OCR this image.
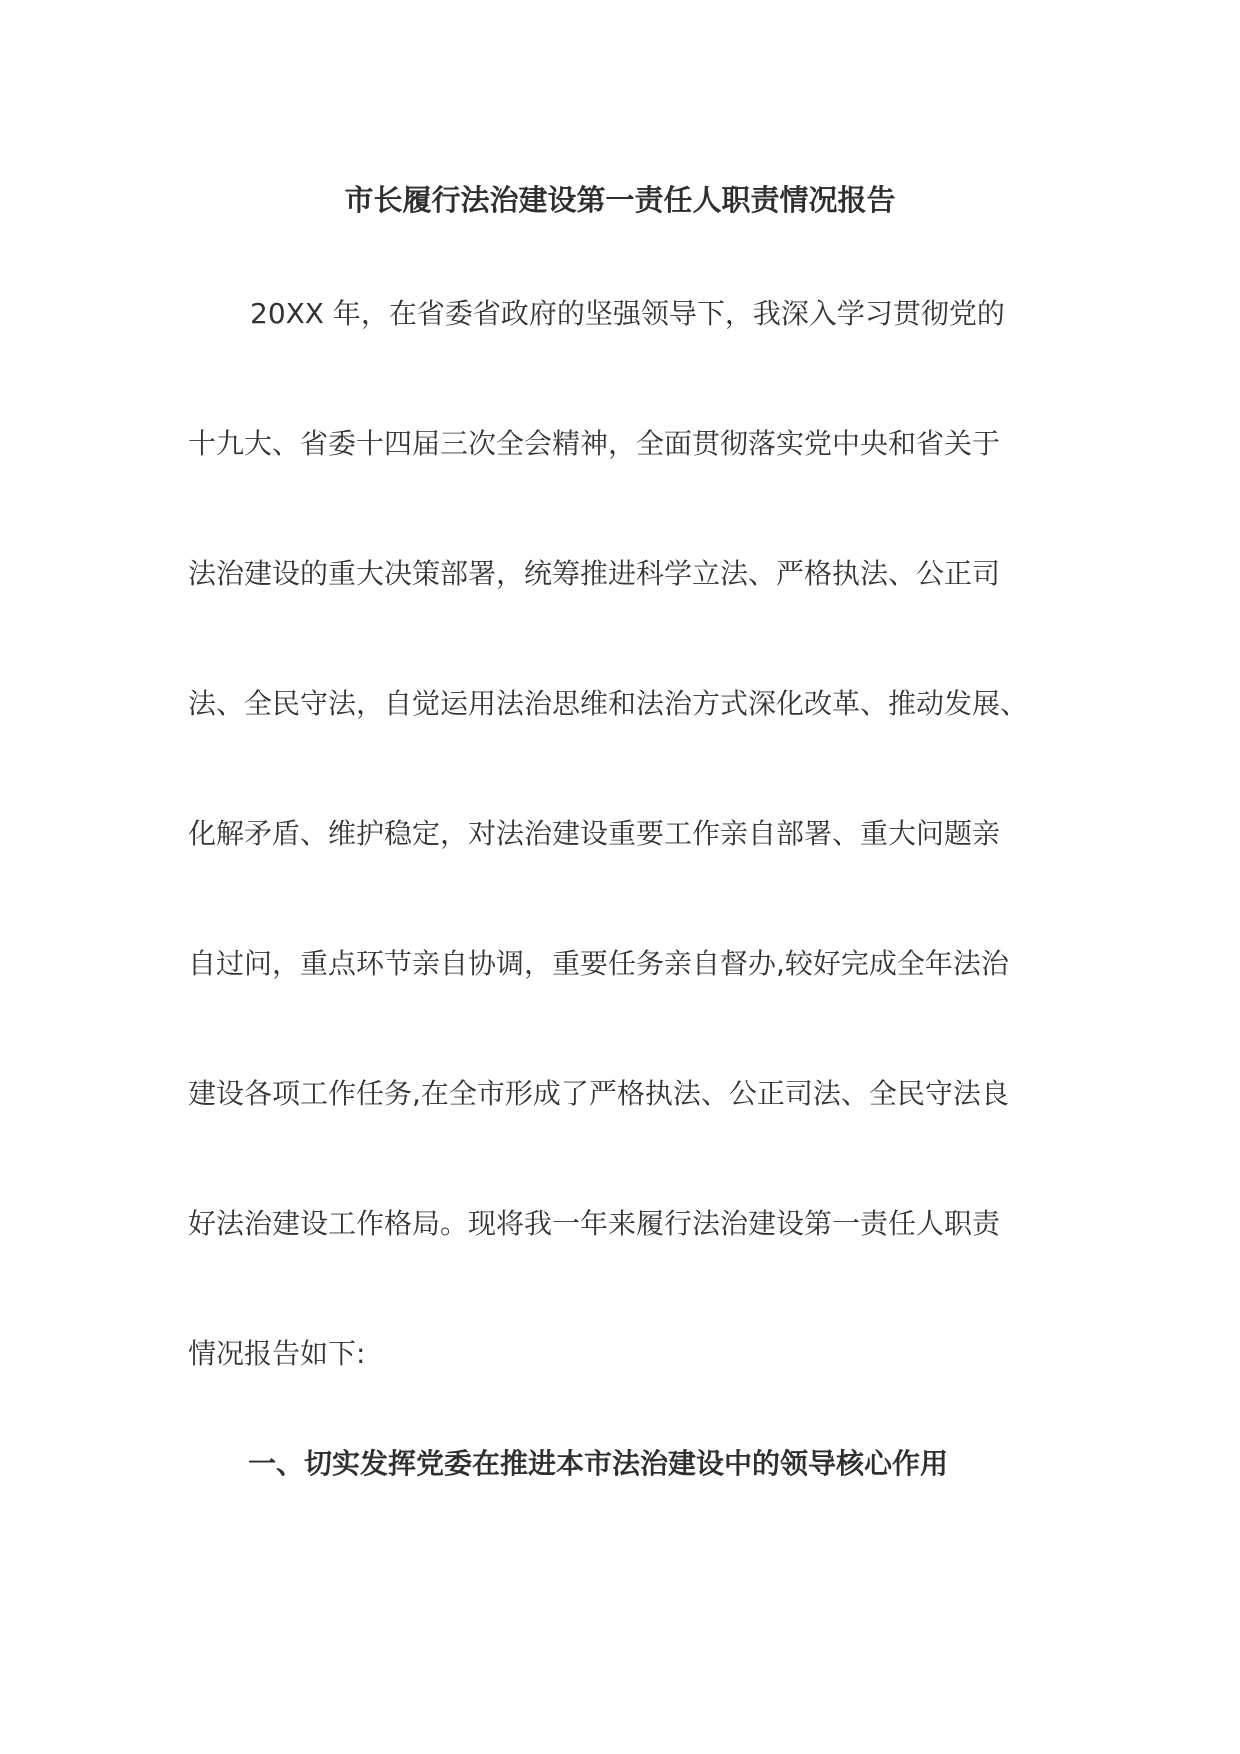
市长履行法治建设第一责任人职责情况报告
20XX 年，在省委省政府的坚强领导下，我深入学习贯彻党的
十九大、省委十四届三次全会精神，全面贯彻落实党中央和省关于
法治建设的重大决策部署，统筹推进科学立法、严格执法、公正司
法、全民守法，自觉运用法治思维和法治方式深化改革、推动发展、
化解矛盾、维护稳定，对法治建设重要工作亲自部署、重大问题亲
自过问，重点环节亲自协调，重要任务亲自督办,较好完成全年法治
建设各项工作任务,在全市形成了严格执法、公正司法、全民守法良
好法治建设工作格局。现将我一年来履行法治建设第一责任人职责
情况报告如下:
一、切实发挥党委在推进本市法治建设中的领导核心作用
